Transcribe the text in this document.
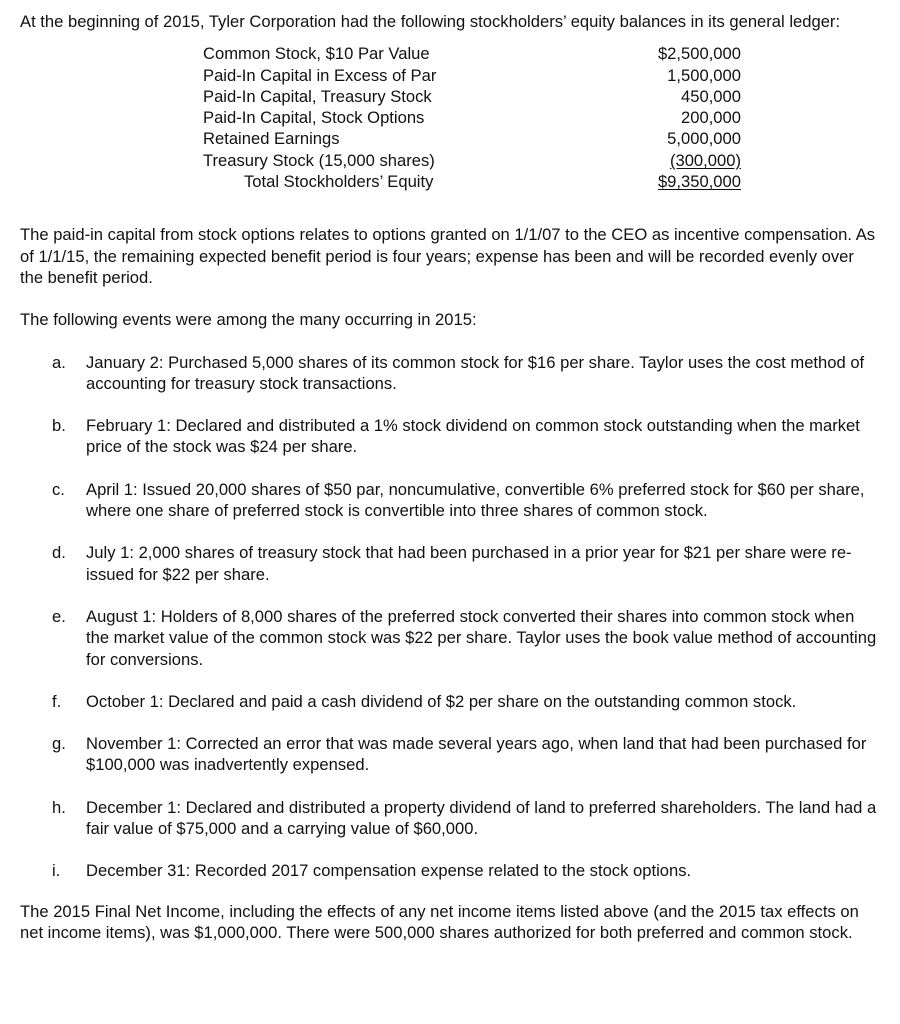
At the beginning of 2015, Tyler Corporation had the following stockholders’ equity balances in its general ledger:

Common Stock, $10 Par Value	$2,500,000
Paid-In Capital in Excess of Par	1,500,000
Paid-In Capital, Treasury Stock	450,000
Paid-In Capital, Stock Options	200,000
Retained Earnings	5,000,000
Treasury Stock (15,000 shares)	(300,000)
Total Stockholders’ Equity	$9,350,000

The paid-in capital from stock options relates to options granted on 1/1/07 to the CEO as incentive compensation. As of 1/1/15, the remaining expected benefit period is four years; expense has been and will be recorded evenly over the benefit period.

The following events were among the many occurring in 2015:

a. January 2: Purchased 5,000 shares of its common stock for $16 per share. Taylor uses the cost method of accounting for treasury stock transactions.
b. February 1: Declared and distributed a 1% stock dividend on common stock outstanding when the market price of the stock was $24 per share.
c. April 1: Issued 20,000 shares of $50 par, noncumulative, convertible 6% preferred stock for $60 per share, where one share of preferred stock is convertible into three shares of common stock.
d. July 1: 2,000 shares of treasury stock that had been purchased in a prior year for $21 per share were re-issued for $22 per share.
e. August 1: Holders of 8,000 shares of the preferred stock converted their shares into common stock when the market value of the common stock was $22 per share. Taylor uses the book value method of accounting for conversions.
f. October 1: Declared and paid a cash dividend of $2 per share on the outstanding common stock.
g. November 1: Corrected an error that was made several years ago, when land that had been purchased for $100,000 was inadvertently expensed.
h. December 1: Declared and distributed a property dividend of land to preferred shareholders. The land had a fair value of $75,000 and a carrying value of $60,000.
i. December 31: Recorded 2017 compensation expense related to the stock options.

The 2015 Final Net Income, including the effects of any net income items listed above (and the 2015 tax effects on net income items), was $1,000,000. There were 500,000 shares authorized for both preferred and common stock.
